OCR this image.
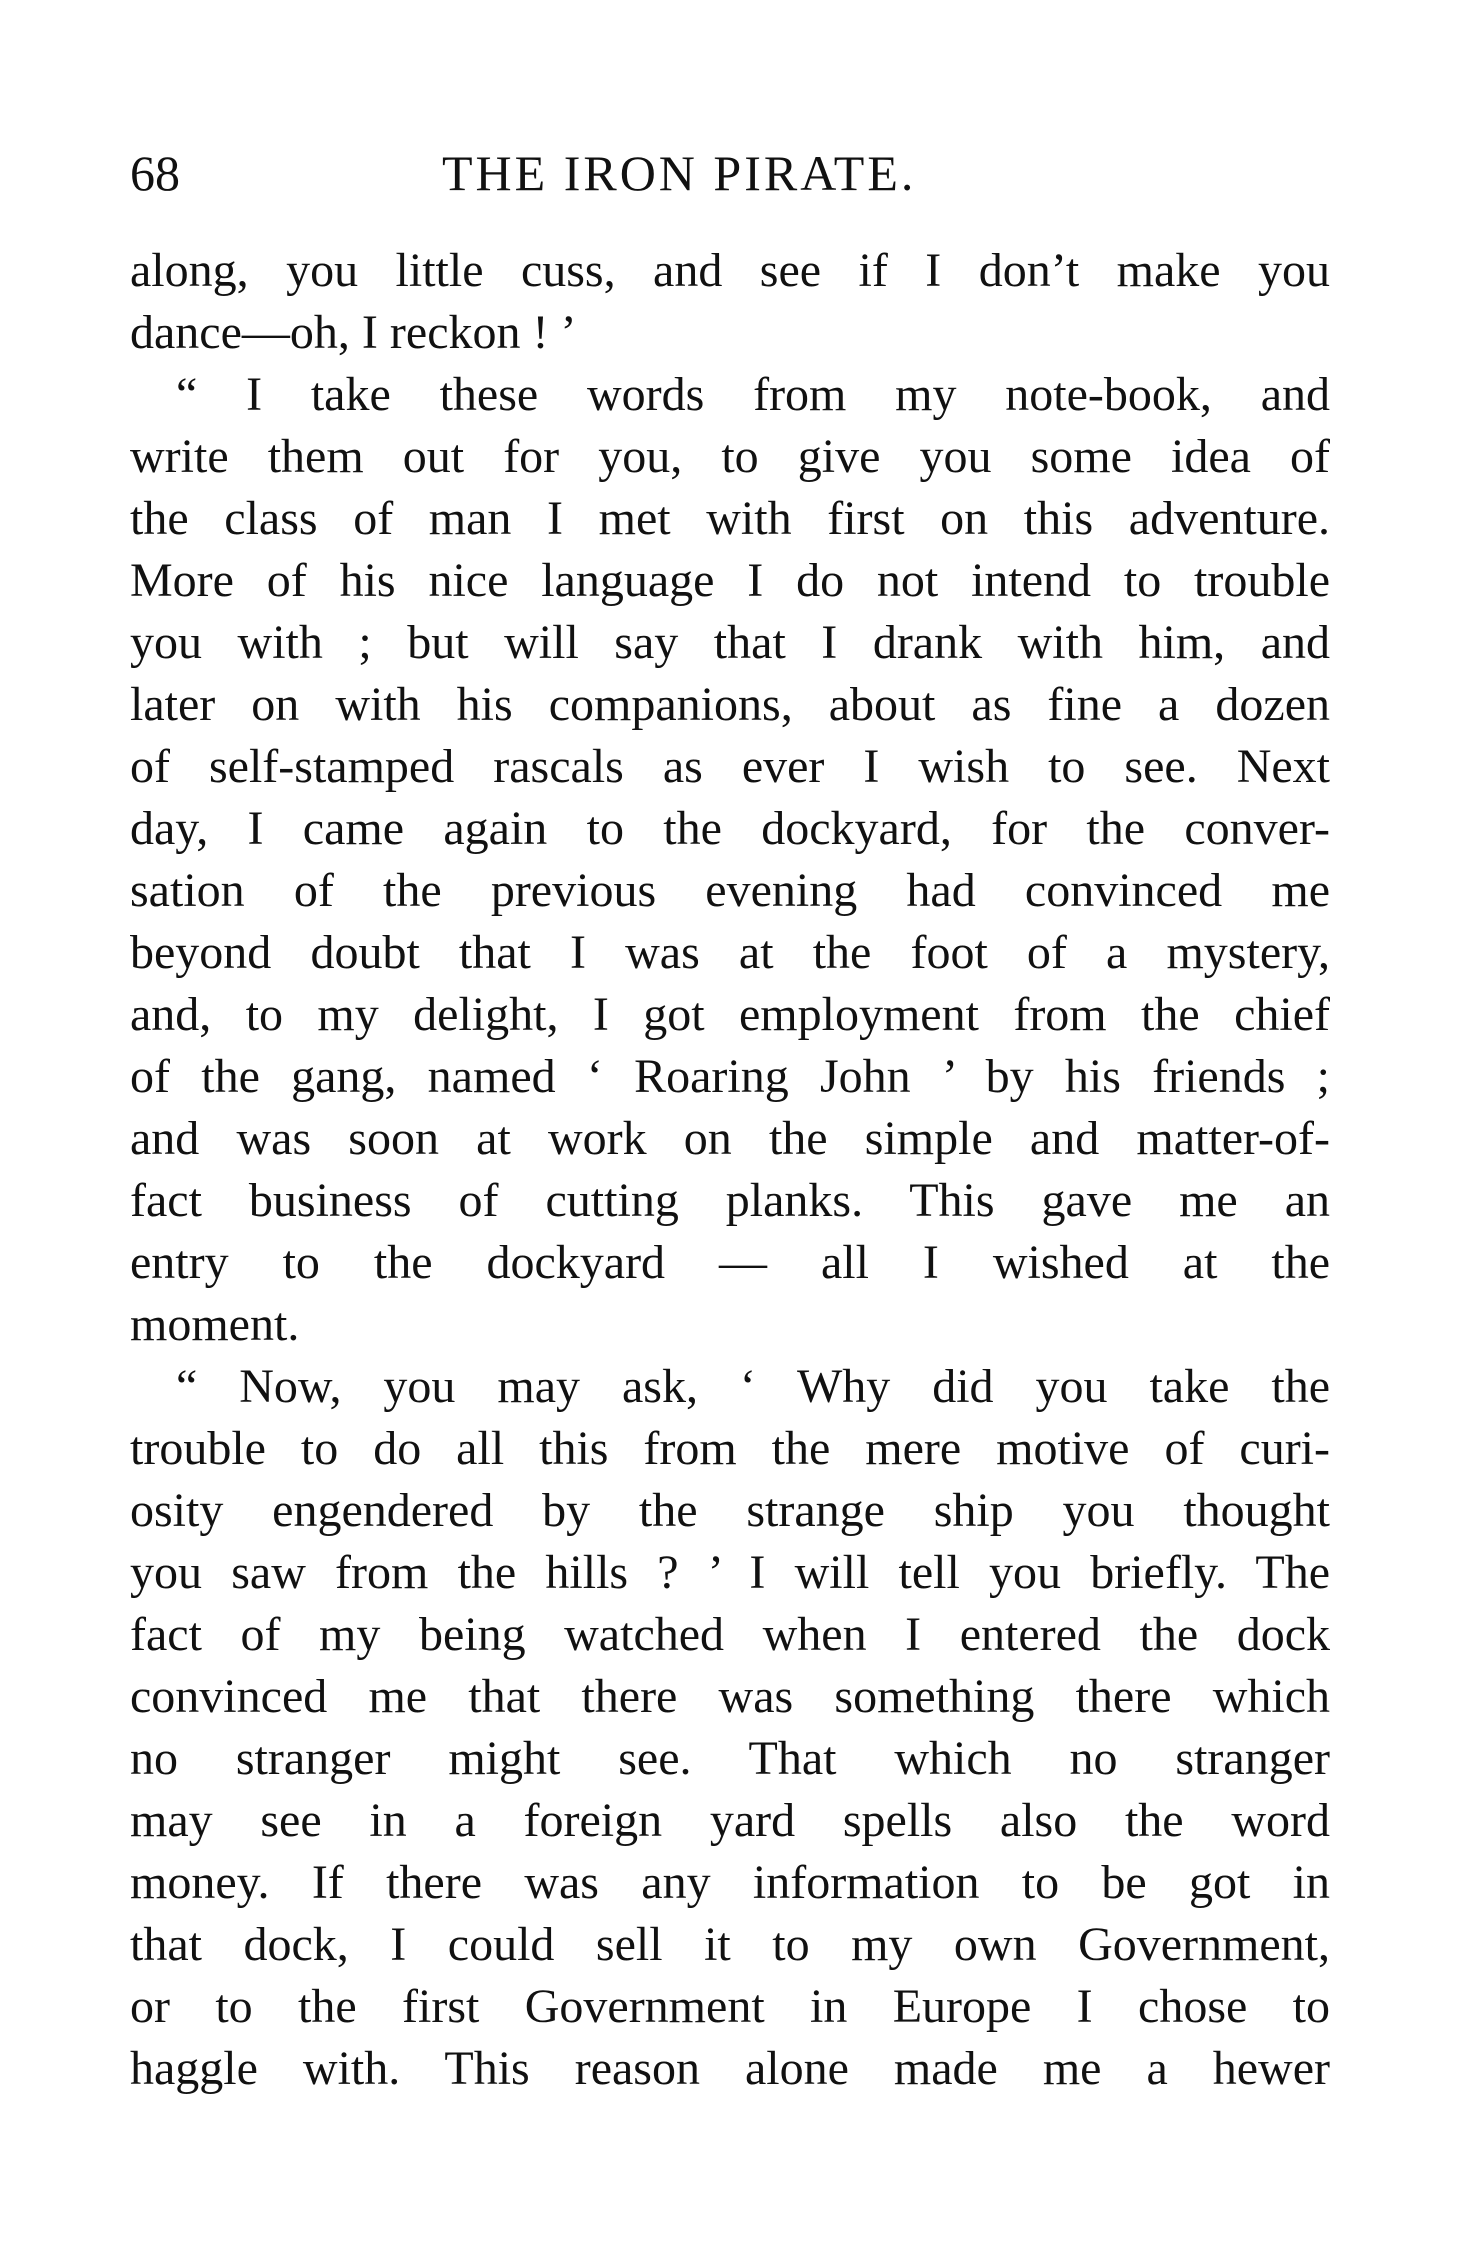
68	THE IRON PIRATE.
along, you little cuss, and see if I don’t make you
dance—oh, I reckon ! ’
“ I take these words from my note-book, and
write them out for you, to give you some idea of
the class of man I met with first on this adventure.
More of his nice language I do not intend to trouble
you with ; but will say that I drank with him, and
later on with his companions, about as fine a dozen
of self-stamped rascals as ever I wish to see. Next
day, I came again to the dockyard, for the conver-
sation of the previous evening had convinced me
beyond doubt that I was at the foot of a mystery,
and, to my delight, I got employment from the chief
of the gang, named ‘ Roaring John ’ by his friends ;
and was soon at work on the simple and matter-of-
fact business of cutting planks. This gave me an
entry to the dockyard — all I wished at the
moment.
“ Now, you may ask, ‘ Why did you take the
trouble to do all this from the mere motive of curi-
osity engendered by the strange ship you thought
you saw from the hills ? ’ I will tell you briefly. The
fact of my being watched when I entered the dock
convinced me that there was something there which
no stranger might see. That which no stranger
may see in a foreign yard spells also the word
money. If there was any information to be got in
that dock, I could sell it to my own Government,
or to the first Government in Europe I chose to
haggle with. This reason alone made me a hewer
